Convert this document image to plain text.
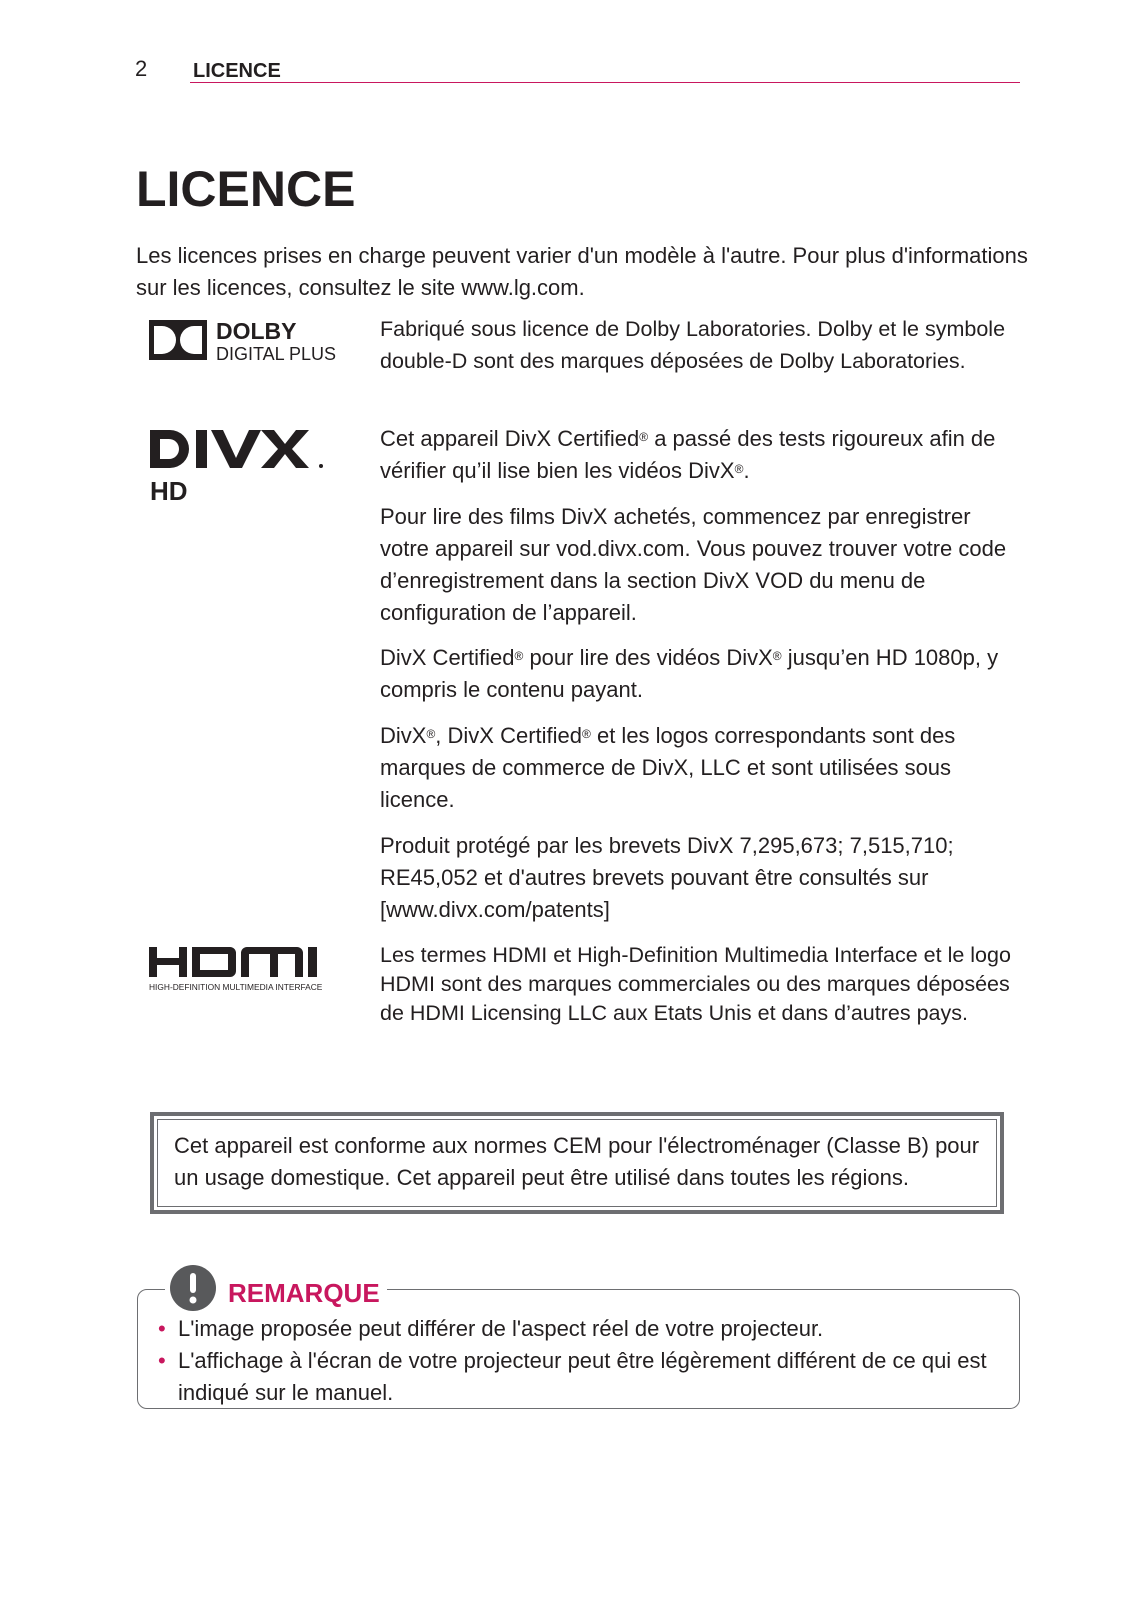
2 LICENCE
LICENCE

Les licences prises en charge peuvent varier d'un modèle à l'autre. Pour plus d'informations sur les licences, consultez le site www.lg.com.

DOLBY
DIGITAL PLUS

Fabriqué sous licence de Dolby Laboratories. Dolby et le symbole double-D sont des marques déposées de Dolby Laboratories.

HD

Cet appareil DivX Certified® a passé des tests rigoureux afin de vérifier qu’il lise bien les vidéos DivX®.

Pour lire des films DivX achetés, commencez par enregistrer votre appareil sur vod.divx.com. Vous pouvez trouver votre code d’enregistrement dans la section DivX VOD du menu de configuration de l’appareil.

DivX Certified® pour lire des vidéos DivX® jusqu’en HD 1080p, y compris le contenu payant.

DivX®, DivX Certified® et les logos correspondants sont des marques de commerce de DivX, LLC et sont utilisées sous licence.

Produit protégé par les brevets DivX 7,295,673; 7,515,710; RE45,052 et d'autres brevets pouvant être consultés sur [www.divx.com/patents]

HIGH-DEFINITION MULTIMEDIA INTERFACE

Les termes HDMI et High-Definition Multimedia Interface et le logo HDMI sont des marques commerciales ou des marques déposées de HDMI Licensing LLC aux Etats Unis et dans d’autres pays.

Cet appareil est conforme aux normes CEM pour l'électroménager (Classe B) pour un usage domestique. Cet appareil peut être utilisé dans toutes les régions.

REMARQUE
• L'image proposée peut différer de l'aspect réel de votre projecteur.
• L'affichage à l'écran de votre projecteur peut être légèrement différent de ce qui est indiqué sur le manuel.
